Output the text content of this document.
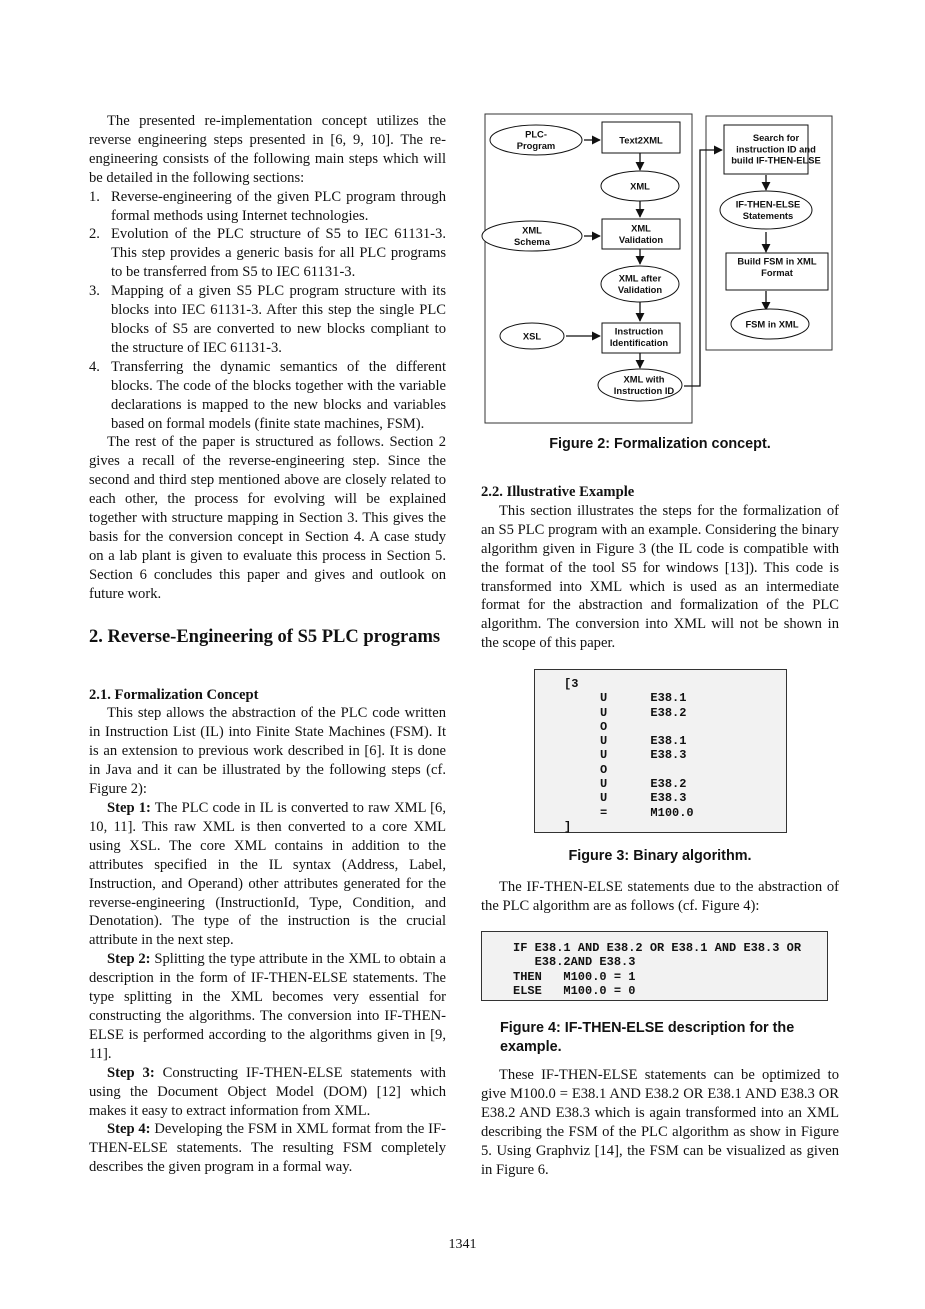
The presented re-implementation concept utilizes the reverse engineering steps presented in [6, 9, 10]. The re-engineering consists of the following main steps which will be detailed in the following sections:

1. Reverse-engineering of the given PLC program through formal methods using Internet technologies.
2. Evolution of the PLC structure of S5 to IEC 61131-3. This step provides a generic basis for all PLC programs to be transferred from S5 to IEC 61131-3.
3. Mapping of a given S5 PLC program structure with its blocks into IEC 61131-3. After this step the single PLC blocks of S5 are converted to new blocks compliant to the structure of IEC 61131-3.
4. Transferring the dynamic semantics of the different blocks. The code of the blocks together with the variable declarations is mapped to the new blocks and variables based on formal models (finite state machines, FSM).

The rest of the paper is structured as follows. Section 2 gives a recall of the reverse-engineering step. Since the second and third step mentioned above are closely related to each other, the process for evolving will be explained together with structure mapping in Section 3. This gives the basis for the conversion concept in Section 4. A case study on a lab plant is given to evaluate this process in Section 5. Section 6 concludes this paper and gives and outlook on future work.

2. Reverse-Engineering of S5 PLC programs
2.1. Formalization Concept

This step allows the abstraction of the PLC code written in Instruction List (IL) into Finite State Machines (FSM). It is an extension to previous work described in [6]. It is done in Java and it can be illustrated by the following steps (cf. Figure 2):

Step 1: The PLC code in IL is converted to raw XML [6, 10, 11]. This raw XML is then converted to a core XML using XSL. The core XML contains in addition to the attributes specified in the IL syntax (Address, Label, Instruction, and Operand) other attributes generated for the reverse-engineering (InstructionId, Type, Condition, and Denotation). The type of the instruction is the crucial attribute in the next step.

Step 2: Splitting the type attribute in the XML to obtain a description in the form of IF-THEN-ELSE statements. The type splitting in the XML becomes very essential for constructing the algorithms. The conversion into IF-THEN-ELSE is performed according to the algorithms given in [9, 11].

Step 3: Constructing IF-THEN-ELSE statements with using the Document Object Model (DOM) [12] which makes it easy to extract information from XML.

Step 4: Developing the FSM in XML format from the IF-THEN-ELSE statements. The resulting FSM completely describes the given program in a formal way.

PLC-Program
Text2XML
XML
XML Schema
XML Validation
XML after Validation
XSL	Instruction Identification
XML with Instruction ID
Search for instruction ID and build IF-THEN-ELSE
IF-THEN-ELSE Statements
Build FSM in XML Format
FSM in XML
Figure 2: Formalization concept.
2.2. Illustrative Example

This section illustrates the steps for the formalization of an S5 PLC program with an example. Considering the binary algorithm given in Figure 3 (the IL code is compatible with the format of the tool S5 for windows [13]). This code is transformed into XML which is used as an intermediate format for the abstraction and formalization of the PLC algorithm. The conversion into XML will not be shown in the scope of this paper.

[3
U      E38.1
U      E38.2
O
U      E38.1
U      E38.3
O
U      E38.2
U      E38.3
=      M100.0
]
Figure 3: Binary algorithm.

The IF-THEN-ELSE statements due to the abstraction of the PLC algorithm are as follows (cf. Figure 4):

IF E38.1 AND E38.2 OR E38.1 AND E38.3 OR
E38.2AND E38.3
THEN   M100.0 = 1
ELSE   M100.0 = 0
Figure 4: IF-THEN-ELSE description for the example.

These IF-THEN-ELSE statements can be optimized to give M100.0 = E38.1 AND E38.2 OR E38.1 AND E38.3 OR E38.2 AND E38.3 which is again transformed into an XML describing the FSM of the PLC algorithm as show in Figure 5. Using Graphviz [14], the FSM can be visualized as given in Figure 6.

1341
